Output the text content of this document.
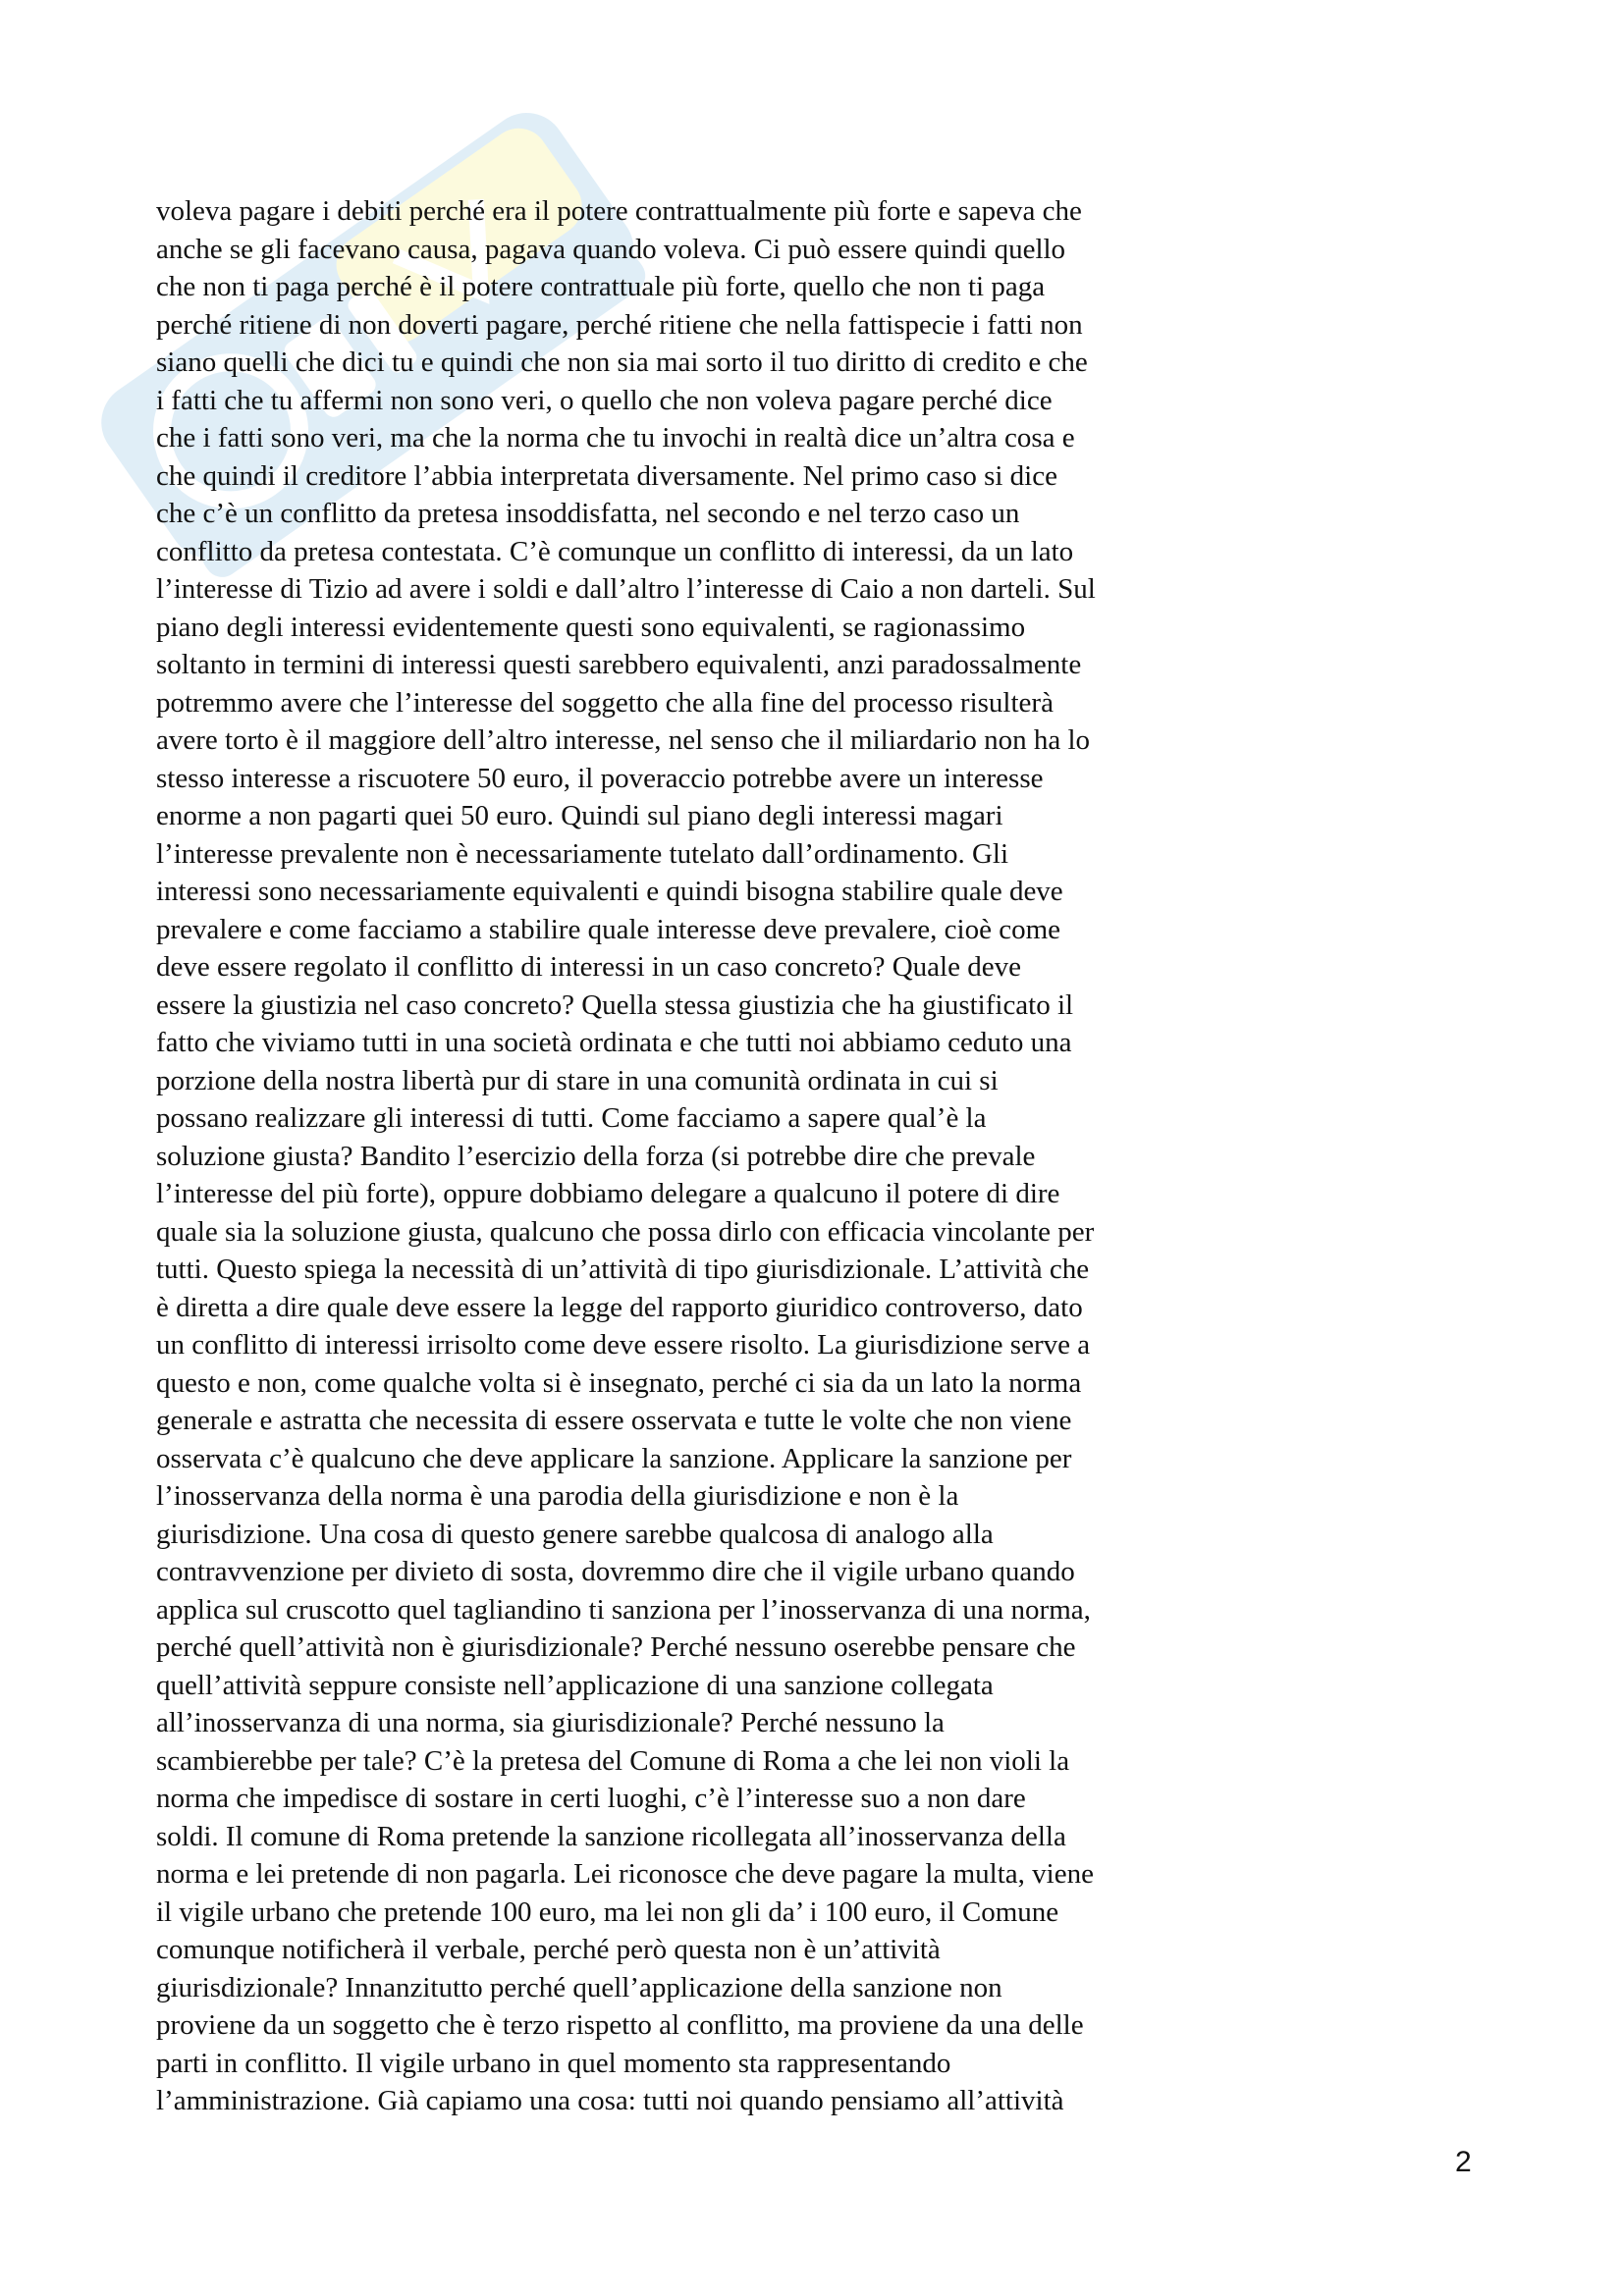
voleva pagare i debiti perché era il potere contrattualmente più forte e sapeva che
anche se gli facevano causa, pagava quando voleva. Ci può essere quindi quello
che non ti paga perché è il potere contrattuale più forte, quello che non ti paga
perché ritiene di non doverti pagare, perché ritiene che nella fattispecie i fatti non
siano quelli che dici tu e quindi che non sia mai sorto il tuo diritto di credito e che
i fatti che tu affermi non sono veri, o quello che non voleva pagare perché dice
che i fatti sono veri, ma che la norma che tu invochi in realtà dice un’altra cosa e
che quindi il creditore l’abbia interpretata diversamente. Nel primo caso si dice
che c’è un conflitto da pretesa insoddisfatta, nel secondo e nel terzo caso un
conflitto da pretesa contestata. C’è comunque un conflitto di interessi, da un lato
l’interesse di Tizio ad avere i soldi e dall’altro l’interesse di Caio a non darteli. Sul
piano degli interessi evidentemente questi sono equivalenti, se ragionassimo
soltanto in termini di interessi questi sarebbero equivalenti, anzi paradossalmente
potremmo avere che l’interesse del soggetto che alla fine del processo risulterà
avere torto è il maggiore dell’altro interesse, nel senso che il miliardario non ha lo
stesso interesse a riscuotere 50 euro, il poveraccio potrebbe avere un interesse
enorme a non pagarti quei 50 euro. Quindi sul piano degli interessi magari
l’interesse prevalente non è necessariamente tutelato dall’ordinamento. Gli
interessi sono necessariamente equivalenti e quindi bisogna stabilire quale deve
prevalere e come facciamo a stabilire quale interesse deve prevalere, cioè come
deve essere regolato il conflitto di interessi in un caso concreto? Quale deve
essere la giustizia nel caso concreto? Quella stessa giustizia che ha giustificato il
fatto che viviamo tutti in una società ordinata e che tutti noi abbiamo ceduto una
porzione della nostra libertà pur di stare in una comunità ordinata in cui si
possano realizzare gli interessi di tutti. Come facciamo a sapere qual’è la
soluzione giusta? Bandito l’esercizio della forza (si potrebbe dire che prevale
l’interesse del più forte), oppure dobbiamo delegare a qualcuno il potere di dire
quale sia la soluzione giusta, qualcuno che possa dirlo con efficacia vincolante per
tutti. Questo spiega la necessità di un’attività di tipo giurisdizionale. L’attività che
è diretta a dire quale deve essere la legge del rapporto giuridico controverso, dato
un conflitto di interessi irrisolto come deve essere risolto. La giurisdizione serve a
questo e non, come qualche volta si è insegnato, perché ci sia da un lato la norma
generale e astratta che necessita di essere osservata e tutte le volte che non viene
osservata c’è qualcuno che deve applicare la sanzione. Applicare la sanzione per
l’inosservanza della norma è una parodia della giurisdizione e non è la
giurisdizione. Una cosa di questo genere sarebbe qualcosa di analogo alla
contravvenzione per divieto di sosta, dovremmo dire che il vigile urbano quando
applica sul cruscotto quel tagliandino ti sanziona per l’inosservanza di una norma,
perché quell’attività non è giurisdizionale? Perché nessuno oserebbe pensare che
quell’attività seppure consiste nell’applicazione di una sanzione collegata
all’inosservanza di una norma, sia giurisdizionale? Perché nessuno la
scambierebbe per tale? C’è la pretesa del Comune di Roma a che lei non violi la
norma che impedisce di sostare in certi luoghi, c’è l’interesse suo a non dare
soldi. Il comune di Roma pretende la sanzione ricollegata all’inosservanza della
norma e lei pretende di non pagarla. Lei riconosce che deve pagare la multa, viene
il vigile urbano che pretende 100 euro, ma lei non gli da’ i 100 euro, il Comune
comunque notificherà il verbale, perché però questa non è un’attività
giurisdizionale? Innanzitutto perché quell’applicazione della sanzione non
proviene da un soggetto che è terzo rispetto al conflitto, ma proviene da una delle
parti in conflitto. Il vigile urbano in quel momento sta rappresentando
l’amministrazione. Già capiamo una cosa: tutti noi quando pensiamo all’attività
2
